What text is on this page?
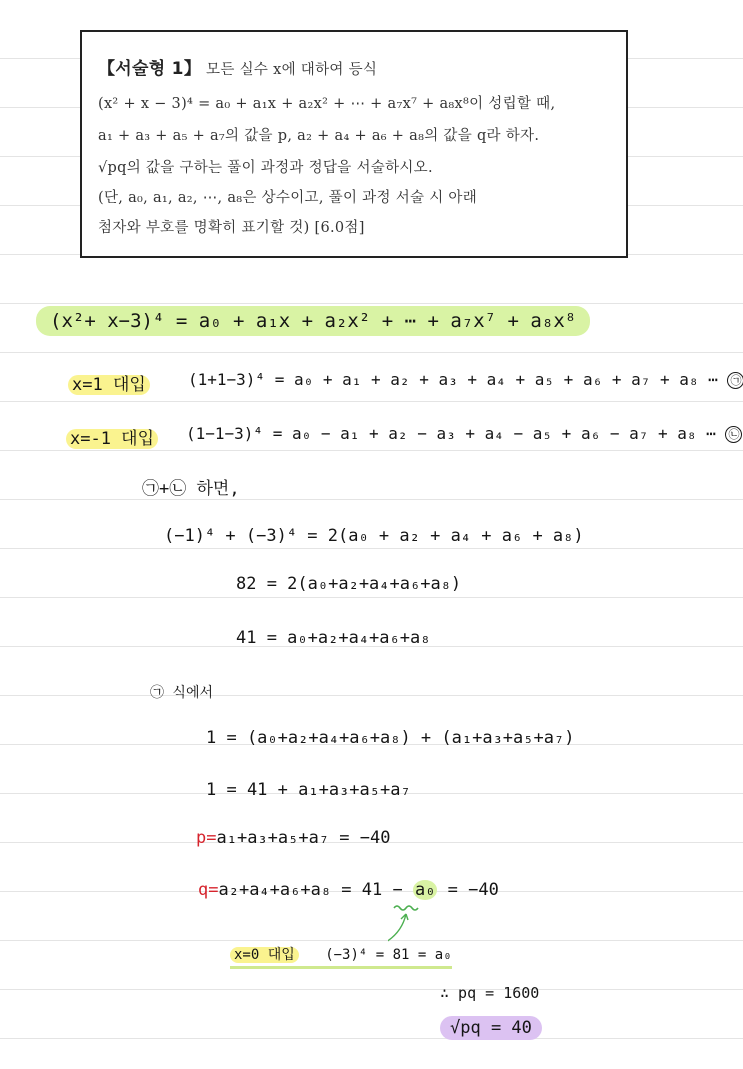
【서술형 1】 모든 실수 x에 대하여 등식
(x² + x − 3)⁴ = a₀ + a₁x + a₂x² + ⋯ + a₇x⁷ + a₈x⁸이 성립할 때,
a₁ + a₃ + a₅ + a₇의 값을 p, a₂ + a₄ + a₆ + a₈의 값을 q라 하자.
√pq의 값을 구하는 풀이 과정과 정답을 서술하시오.
(단, a₀, a₁, a₂, ⋯, a₈은 상수이고, 풀이 과정 서술 시 아래
첨자와 부호를 명확히 표기할 것) [6.0점]
(x²+ x−3)⁴ = a₀ + a₁x + a₂x² + ⋯ + a₇x⁷ + a₈x⁸
x=1 대입	(1+1−3)⁴ = a₀ + a₁ + a₂ + a₃ + a₄ + a₅ + a₆ + a₇ + a₈ ⋯ ㉠
x=-1 대입 (1−1−3)⁴ = a₀ − a₁ + a₂ − a₃ + a₄ − a₅ + a₆ − a₇ + a₈ ⋯ ㉡
㉠+㉡ 하면,
(−1)⁴ + (−3)⁴ = 2(a₀ + a₂ + a₄ + a₆ + a₈)
82 = 2(a₀+a₂+a₄+a₆+a₈)
41 = a₀+a₂+a₄+a₆+a₈
㉠ 식에서
1 = (a₀+a₂+a₄+a₆+a₈) + (a₁+a₃+a₅+a₇)
1 = 41 + a₁+a₃+a₅+a₇
p=a₁+a₃+a₅+a₇ = −40
q=a₂+a₄+a₆+a₈ = 41 − a₀ = −40
x=0 대입 (−3)⁴ = 81 = a₀
∴ pq = 1600
√pq = 40
